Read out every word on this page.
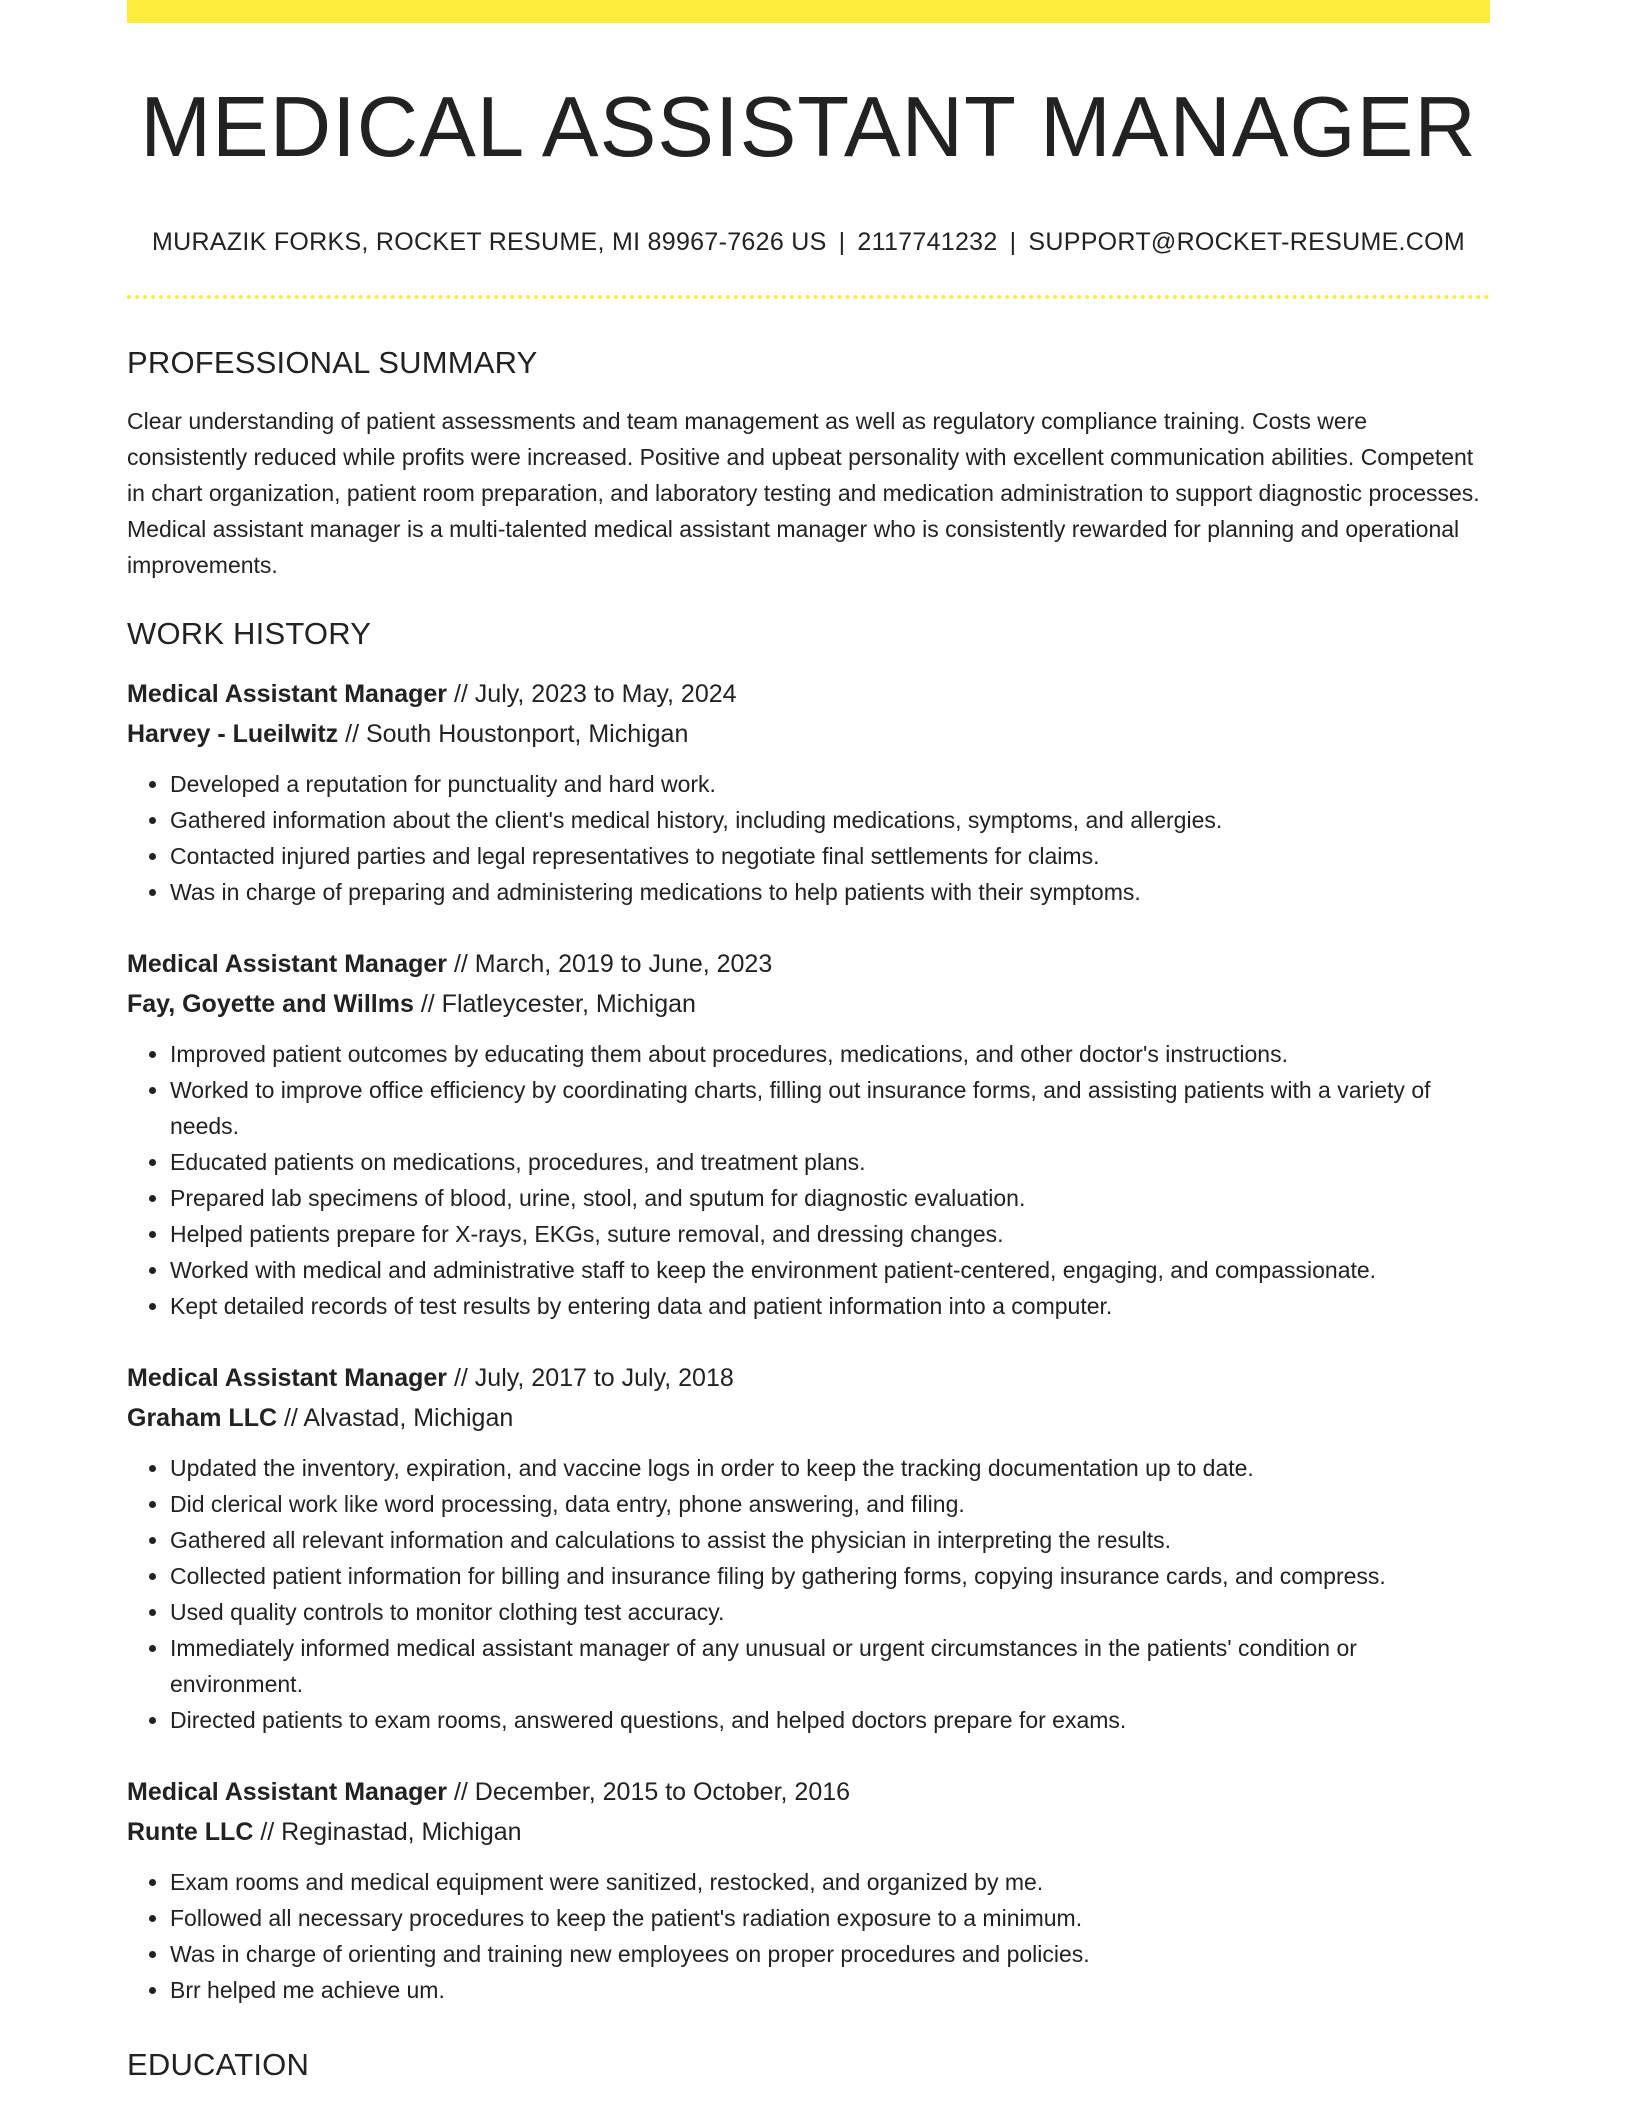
MEDICAL ASSISTANT MANAGER
MURAZIK FORKS, ROCKET RESUME, MI 89967-7626 US | 2117741232 | SUPPORT@ROCKET-RESUME.COM
PROFESSIONAL SUMMARY

Clear understanding of patient assessments and team management as well as regulatory compliance training. Costs were consistently reduced while profits were increased. Positive and upbeat personality with excellent communication abilities. Competent in chart organization, patient room preparation, and laboratory testing and medication administration to support diagnostic processes. Medical assistant manager is a multi-talented medical assistant manager who is consistently rewarded for planning and operational improvements.

WORK HISTORY
Medical Assistant Manager // July, 2023 to May, 2024
Harvey - Lueilwitz // South Houstonport, Michigan
• Developed a reputation for punctuality and hard work.
• Gathered information about the client's medical history, including medications, symptoms, and allergies.
• Contacted injured parties and legal representatives to negotiate final settlements for claims.
• Was in charge of preparing and administering medications to help patients with their symptoms.
Medical Assistant Manager // March, 2019 to June, 2023
Fay, Goyette and Willms // Flatleycester, Michigan
• Improved patient outcomes by educating them about procedures, medications, and other doctor's instructions.
• Worked to improve office efficiency by coordinating charts, filling out insurance forms, and assisting patients with a variety of needs.
• Educated patients on medications, procedures, and treatment plans.
• Prepared lab specimens of blood, urine, stool, and sputum for diagnostic evaluation.
• Helped patients prepare for X-rays, EKGs, suture removal, and dressing changes.
• Worked with medical and administrative staff to keep the environment patient-centered, engaging, and compassionate.
• Kept detailed records of test results by entering data and patient information into a computer.
Medical Assistant Manager // July, 2017 to July, 2018
Graham LLC // Alvastad, Michigan
• Updated the inventory, expiration, and vaccine logs in order to keep the tracking documentation up to date.
• Did clerical work like word processing, data entry, phone answering, and filing.
• Gathered all relevant information and calculations to assist the physician in interpreting the results.
• Collected patient information for billing and insurance filing by gathering forms, copying insurance cards, and compress.
• Used quality controls to monitor clothing test accuracy.
• Immediately informed medical assistant manager of any unusual or urgent circumstances in the patients' condition or environment.
• Directed patients to exam rooms, answered questions, and helped doctors prepare for exams.
Medical Assistant Manager // December, 2015 to October, 2016
Runte LLC // Reginastad, Michigan
• Exam rooms and medical equipment were sanitized, restocked, and organized by me.
• Followed all necessary procedures to keep the patient's radiation exposure to a minimum.
• Was in charge of orienting and training new employees on proper procedures and policies.
• Brr helped me achieve um.
EDUCATION
